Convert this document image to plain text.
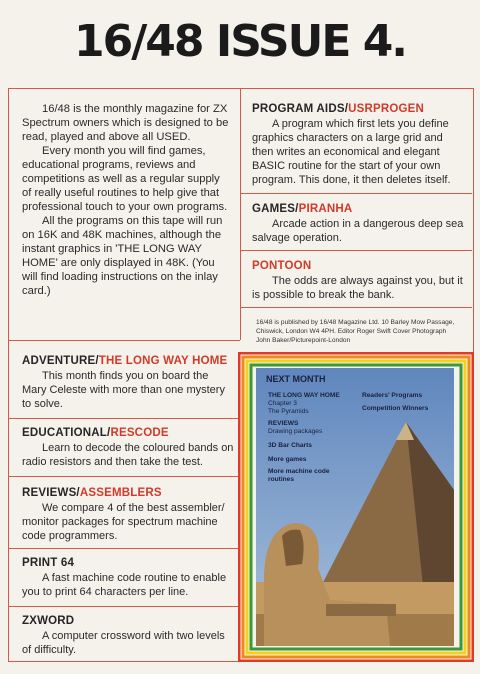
16/48 ISSUE 4.

16/48 is the monthly magazine for ZX Spectrum owners which is designed to be read, played and above all USED.

Every month you will find games, educational programs, reviews and competitions as well as a regular supply of really useful routines to help give that professional touch to your own programs.

All the programs on this tape will run on 16K and 48K machines, although the instant graphics in 'THE LONG WAY HOME' are only displayed in 48K. (You will find loading instructions on the inlay card.)

PROGRAM AIDS/USRPROGEN

A program which first lets you define graphics characters on a large grid and then writes an economical and elegant BASIC routine for the start of your own program. This done, it then deletes itself.

GAMES/PIRANHA

Arcade action in a dangerous deep sea salvage operation.

PONTOON

The odds are always against you, but it is possible to break the bank.

16/48 is published by 16/48 Magazine Ltd. 10 Barley Mow Passage, Chiswick, London W4 4PH. Editor Roger Swift Cover Photograph John Baker/Picturepoint-London
ADVENTURE/THE LONG WAY HOME

This month finds you on board the Mary Celeste with more than one mystery to solve.

EDUCATIONAL/RESCODE

Learn to decode the coloured bands on radio resistors and then take the test.

REVIEWS/ASSEMBLERS

We compare 4 of the best assembler/ monitor packages for spectrum machine code programmers.

PRINT 64

A fast machine code routine to enable you to print 64 characters per line.

ZXWORD

A computer crossword with two levels of difficulty.

NEXT MONTH
THE LONG WAY HOME
Chapter 3
The Pyramids
REVIEWS
Drawing packages
3D Bar Charts
More games
More machine code
routines
Readers' Programs
Competition Winners
